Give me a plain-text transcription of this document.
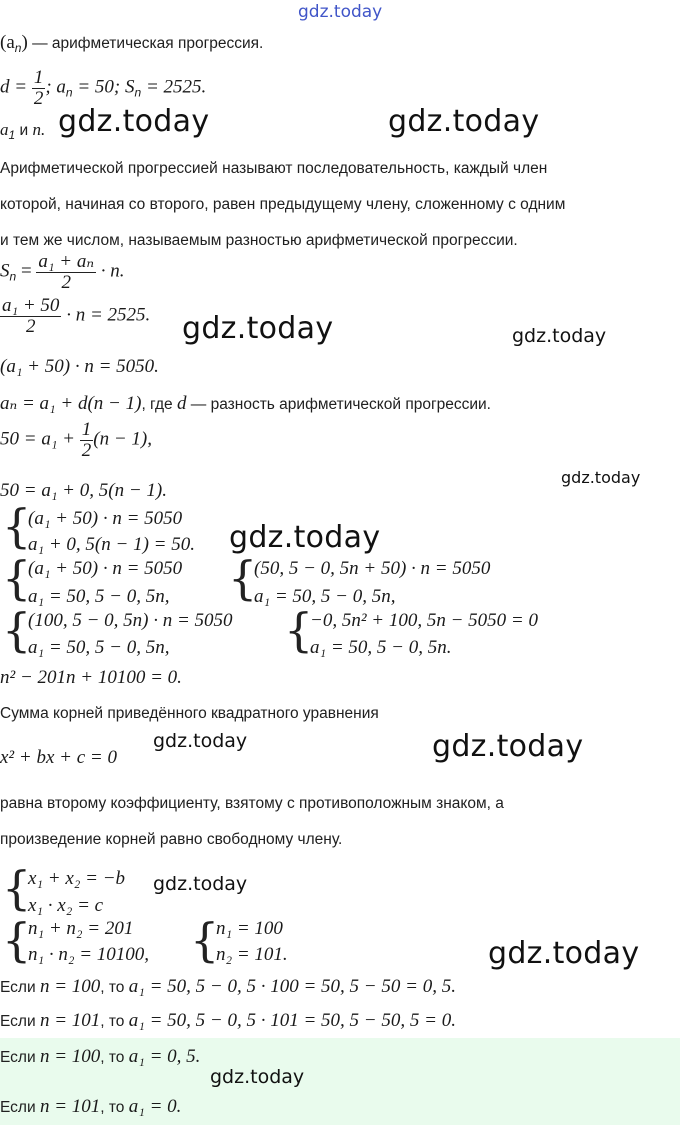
gdz.today
$(a_n)$ — арифметическая прогрессия.
$d = \frac{1}{2}$ ; $a_n = 50$; $S_n = 2525$.
$a_1$ и n.
Арифметической прогрессией называют последовательность, каждый член
которой, начиная со второго, равен предыдущему члену, сложенному с одним
и тем же числом, называемым разностью арифметической прогрессии.
$S_n = \frac{\text{a₁ + aₙ}}{2} \cdot n$.
$\frac{\text{a₁ + 50}}{2} \cdot n = 2525$.
(a₁ + 50) · n = 5050.
aₙ = a₁ + d(n − 1), где d — разность арифметической прогрессии.
$50 = a_1 + \frac{1}{2} (n - 1)$,
50 = a₁ + 0, 5(n − 1).
{
(a₁ + 50) · n = 5050
a₁ + 0, 5(n − 1) = 50.
{
(a₁ + 50) · n = 5050
a₁ = 50, 5 − 0, 5n, {
(50, 5 − 0, 5n + 50) · n = 5050
a₁ = 50, 5 − 0, 5n,
{
(100, 5 − 0, 5n) · n = 5050
a₁ = 50, 5 − 0, 5n, {
−0, 5n² + 100, 5n − 5050 = 0
a₁ = 50, 5 − 0, 5n.
n² − 201n + 10100 = 0.
Сумма корней приведённого квадратного уравнения
x² + bx + c = 0
равна второму коэффициенту, взятому с противоположным знаком, а
произведение корней равно свободному члену.
{
x₁ + x₂ = −b
x₁ · x₂ = c
{
n₁ + n₂ = 201
n₁ · n₂ = 10100, {
n₁ = 100
n₂ = 101.
Если n = 100, то a₁ = 50, 5 − 0, 5 · 100 = 50, 5 − 50 = 0, 5.
Если n = 101, то a₁ = 50, 5 − 0, 5 · 101 = 50, 5 − 50, 5 = 0.
Если n = 100, то a₁ = 0, 5.
Если n = 101, то a₁ = 0.
gdz.today	gdz.today
gdz.today	gdz.today
gdz.today
gdz.today
gdz.today	gdz.today
gdz.today
gdz.today
gdz.today
